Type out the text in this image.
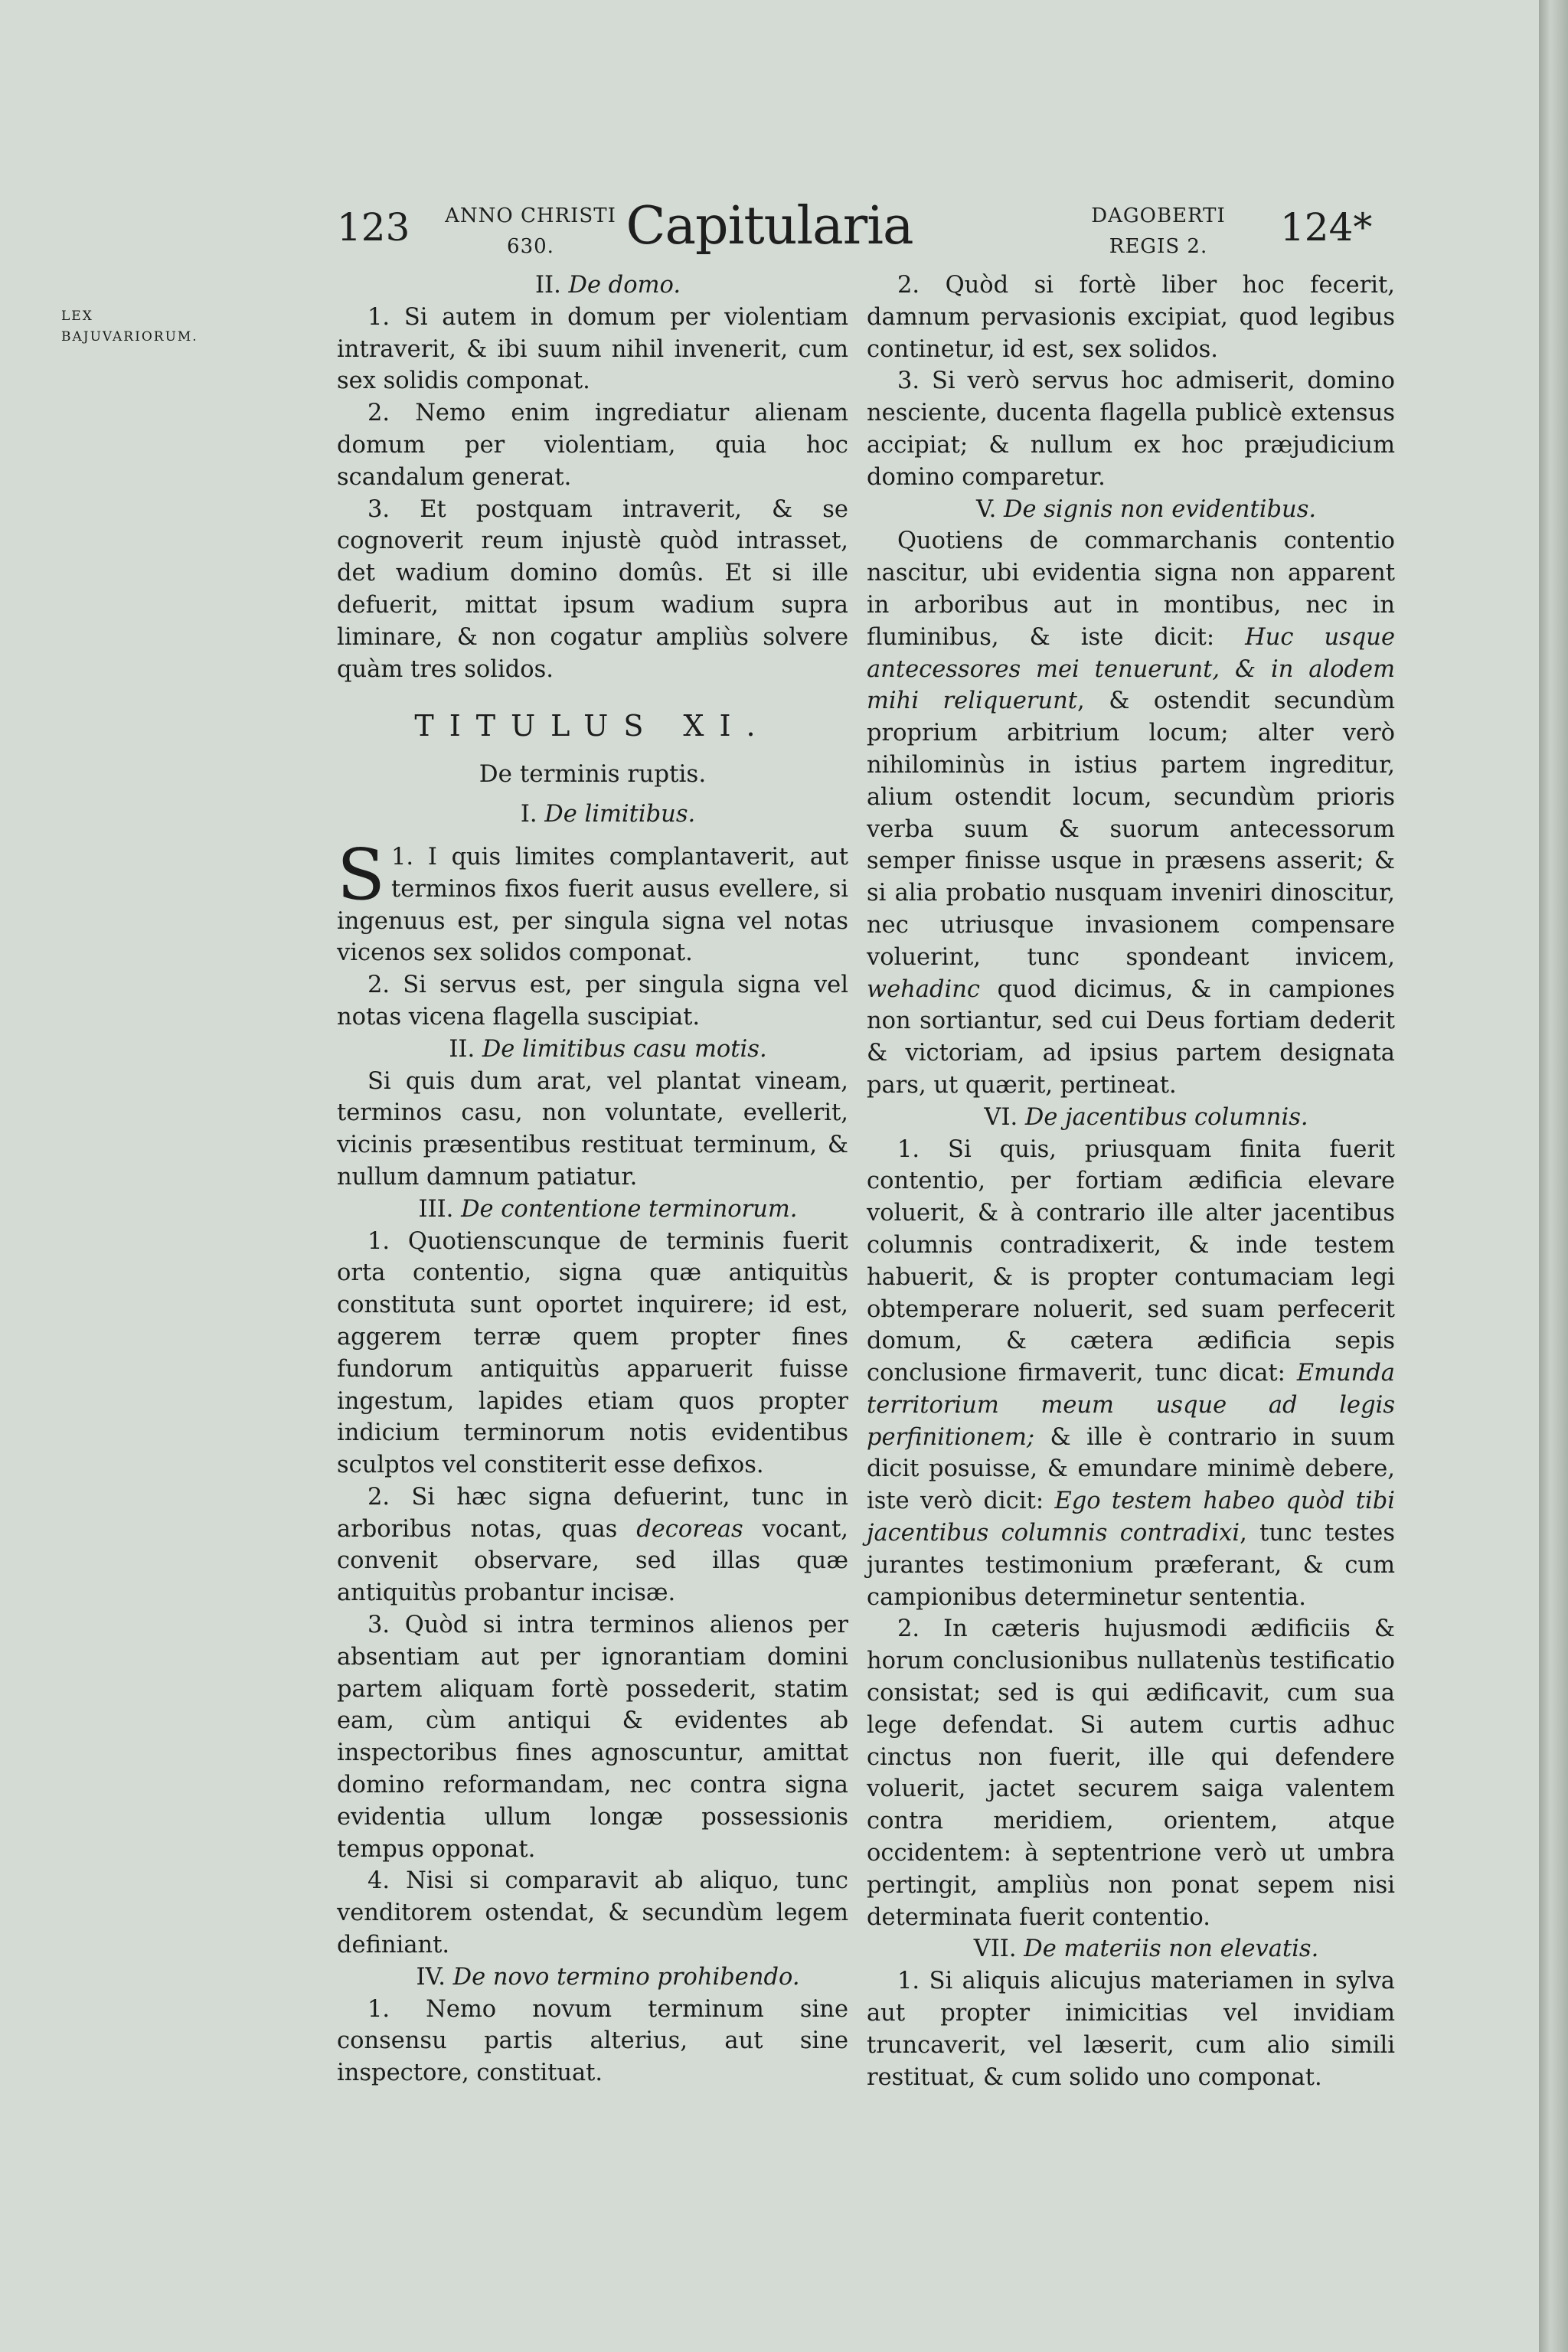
123	ANNO CHRISTI
630.	Capitularia	DAGOBERTI
REGIS 2.	124*
LEX BAJUVARIORUM.

II. De domo.

1. Si autem in domum per violentiam intraverit, & ibi suum nihil invenerit, cum sex solidis componat.

2. Nemo enim ingrediatur alienam domum per violentiam, quia hoc scandalum generat.

3. Et postquam intraverit, & se cognoverit reum injustè quòd intrasset, det wadium domino domûs. Et si ille defuerit, mittat ipsum wadium supra liminare, & non cogatur ampliùs solvere quàm tres solidos.

TITULUS XI.
De terminis ruptis.

I. De limitibus.

1.
S I quis limites complantaverit, aut terminos fixos fuerit ausus evellere, si ingenuus est, per singula signa vel notas vicenos sex solidos componat.

2. Si servus est, per singula signa vel notas vicena flagella suscipiat.

II. De limitibus casu motis.

Si quis dum arat, vel plantat vineam, terminos casu, non voluntate, evellerit, vicinis præsentibus restituat terminum, & nullum damnum patiatur.

III. De contentione terminorum.

1. Quotienscunque de terminis fuerit orta contentio, signa quæ antiquitùs constituta sunt oportet inquirere; id est, aggerem terræ quem propter fines fundorum antiquitùs apparuerit fuisse ingestum, lapides etiam quos propter indicium terminorum notis evidentibus sculptos vel constiterit esse defixos.

2. Si hæc signa defuerint, tunc in arboribus notas, quas decoreas vocant, convenit observare, sed illas quæ antiquitùs probantur incisæ.

3. Quòd si intra terminos alienos per absentiam aut per ignorantiam domini partem aliquam fortè possederit, statim eam, cùm antiqui & evidentes ab inspectoribus fines agnoscuntur, amittat domino reformandam, nec contra signa evidentia ullum longæ possessionis tempus opponat.

4. Nisi si comparavit ab aliquo, tunc venditorem ostendat, & secundùm legem definiant.

IV. De novo termino prohibendo.

1. Nemo novum terminum sine consensu partis alterius, aut sine inspectore, constituat.

2. Quòd si fortè liber hoc fecerit, damnum pervasionis excipiat, quod legibus continetur, id est, sex solidos.

3. Si verò servus hoc admiserit, domino nesciente, ducenta flagella publicè extensus accipiat; & nullum ex hoc præjudicium domino comparetur.

V. De signis non evidentibus.

Quotiens de commarchanis contentio nascitur, ubi evidentia signa non apparent in arboribus aut in montibus, nec in fluminibus, & iste dicit: Huc usque antecessores mei tenuerunt, & in alodem mihi reliquerunt, & ostendit secundùm proprium arbitrium locum; alter verò nihilominùs in istius partem ingreditur, alium ostendit locum, secundùm prioris verba suum & suorum antecessorum semper finisse usque in præsens asserit; & si alia probatio nusquam inveniri dinoscitur, nec utriusque invasionem compensare voluerint, tunc spondeant invicem, wehadinc quod dicimus, & in campiones non sortiantur, sed cui Deus fortiam dederit & victoriam, ad ipsius partem designata pars, ut quærit, pertineat.

VI. De jacentibus columnis.

1. Si quis, priusquam finita fuerit contentio, per fortiam ædificia elevare voluerit, & à contrario ille alter jacentibus columnis contradixerit, & inde testem habuerit, & is propter contumaciam legi obtemperare noluerit, sed suam perfecerit domum, & cætera ædificia sepis conclusione firmaverit, tunc dicat: Emunda territorium meum usque ad legis perfinitionem; & ille è contrario in suum dicit posuisse, & emundare minimè debere, iste verò dicit: Ego testem habeo quòd tibi jacentibus columnis contradixi, tunc testes jurantes testimonium præferant, & cum campionibus determinetur sententia.

2. In cæteris hujusmodi ædificiis & horum conclusionibus nullatenùs testificatio consistat; sed is qui ædificavit, cum sua lege defendat. Si autem curtis adhuc cinctus non fuerit, ille qui defendere voluerit, jactet securem saiga valentem contra meridiem, orientem, atque occidentem: à septentrione verò ut umbra pertingit, ampliùs non ponat sepem nisi determinata fuerit contentio.

VII. De materiis non elevatis.

1. Si aliquis alicujus materiamen in sylva aut propter inimicitias vel invidiam truncaverit, vel læserit, cum alio simili restituat, & cum solido uno componat.
